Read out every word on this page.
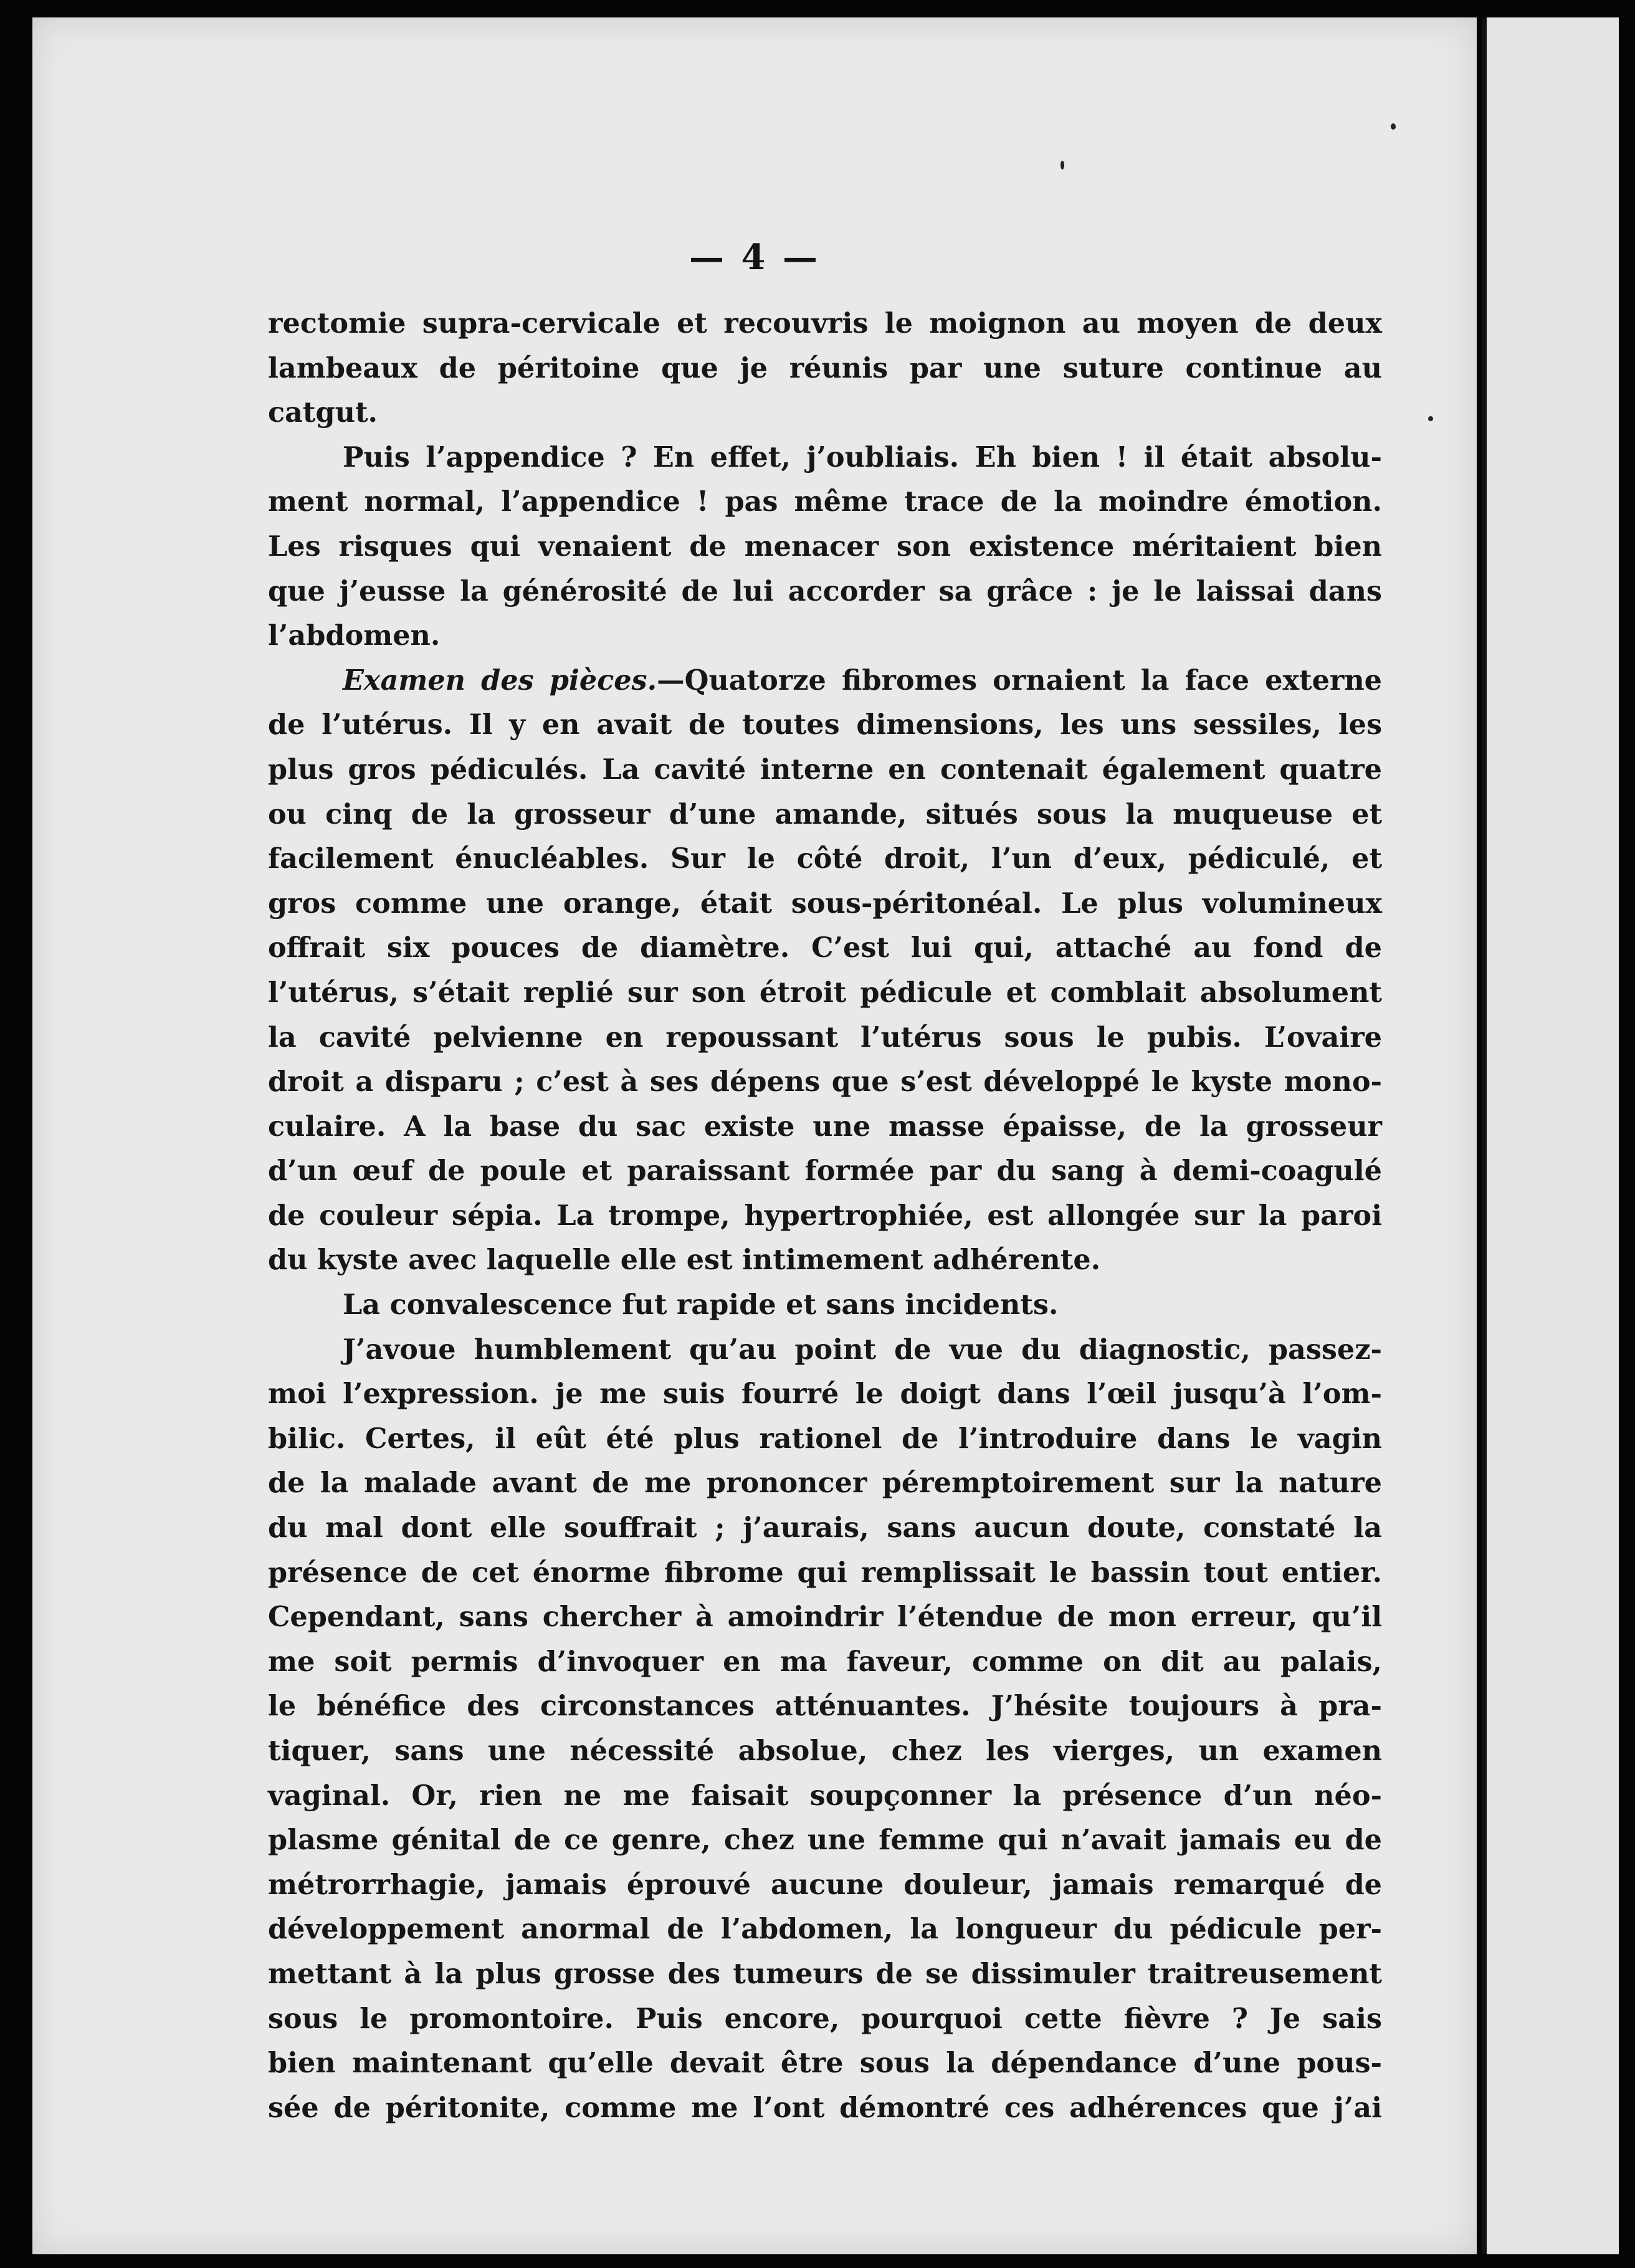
— 4 —
rectomie supra-cervicale et recouvris le moignon au moyen de deux
lambeaux de péritoine que je réunis par une suture continue au
catgut.
Puis l’appendice ? En effet, j’oubliais. Eh bien ! il était absolu-
ment normal, l’appendice ! pas même trace de la moindre émotion.
Les risques qui venaient de menacer son existence méritaient bien
que j’eusse la générosité de lui accorder sa grâce : je le laissai dans
l’abdomen.
Examen des pièces.—Quatorze fibromes ornaient la face externe
de l’utérus. Il y en avait de toutes dimensions, les uns sessiles, les
plus gros pédiculés. La cavité interne en contenait également quatre
ou cinq de la grosseur d’une amande, situés sous la muqueuse et
facilement énucléables. Sur le côté droit, l’un d’eux, pédiculé, et
gros comme une orange, était sous-péritonéal. Le plus volumineux
offrait six pouces de diamètre. C’est lui qui, attaché au fond de
l’utérus, s’était replié sur son étroit pédicule et comblait absolument
la cavité pelvienne en repoussant l’utérus sous le pubis. L’ovaire
droit a disparu ; c’est à ses dépens que s’est développé le kyste mono-
culaire. A la base du sac existe une masse épaisse, de la grosseur
d’un œuf de poule et paraissant formée par du sang à demi-coagulé
de couleur sépia. La trompe, hypertrophiée, est allongée sur la paroi
du kyste avec laquelle elle est intimement adhérente.
La convalescence fut rapide et sans incidents.
J’avoue humblement qu’au point de vue du diagnostic, passez-
moi l’expression. je me suis fourré le doigt dans l’œil jusqu’à l’om-
bilic. Certes, il eût été plus rationel de l’introduire dans le vagin
de la malade avant de me prononcer péremptoirement sur la nature
du mal dont elle souffrait ; j’aurais, sans aucun doute, constaté la
présence de cet énorme fibrome qui remplissait le bassin tout entier.
Cependant, sans chercher à amoindrir l’étendue de mon erreur, qu’il
me soit permis d’invoquer en ma faveur, comme on dit au palais,
le bénéfice des circonstances atténuantes. J’hésite toujours à pra-
tiquer, sans une nécessité absolue, chez les vierges, un examen
vaginal. Or, rien ne me faisait soupçonner la présence d’un néo-
plasme génital de ce genre, chez une femme qui n’avait jamais eu de
métrorrhagie, jamais éprouvé aucune douleur, jamais remarqué de
développement anormal de l’abdomen, la longueur du pédicule per-
mettant à la plus grosse des tumeurs de se dissimuler traitreusement
sous le promontoire. Puis encore, pourquoi cette fièvre ? Je sais
bien maintenant qu’elle devait être sous la dépendance d’une pous-
sée de péritonite, comme me l’ont démontré ces adhérences que j’ai
